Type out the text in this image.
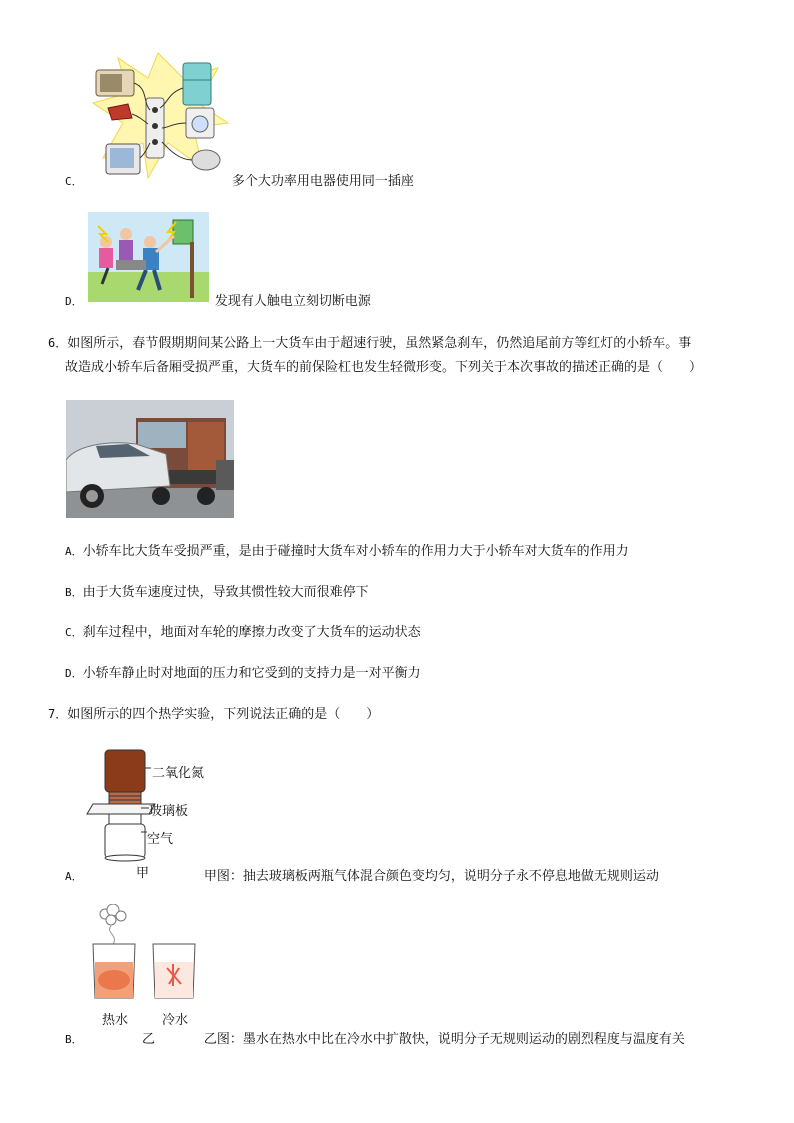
C．	多个大功率用电器使用同一插座
D．	发现有人触电立刻切断电源
6．如图所示，春节假期期间某公路上一大货车由于超速行驶，虽然紧急刹车，仍然追尾前方等红灯的小轿车。事
故造成小轿车后备厢受损严重，大货车的前保险杠也发生轻微形变。下列关于本次事故的描述正确的是（　　）
A．小轿车比大货车受损严重，是由于碰撞时大货车对小轿车的作用力大于小轿车对大货车的作用力
B．由于大货车速度过快，导致其惯性较大而很难停下
C．刹车过程中，地面对车轮的摩擦力改变了大货车的运动状态
D．小轿车静止时对地面的压力和它受到的支持力是一对平衡力
7．如图所示的四个热学实验，下列说法正确的是（　　）
二氧化氮
玻璃板
空气
甲
A．	甲图：抽去玻璃板两瓶气体混合颜色变均匀，说明分子永不停息地做无规则运动
热水	冷水
乙
B．	乙图：墨水在热水中比在冷水中扩散快，说明分子无规则运动的剧烈程度与温度有关
